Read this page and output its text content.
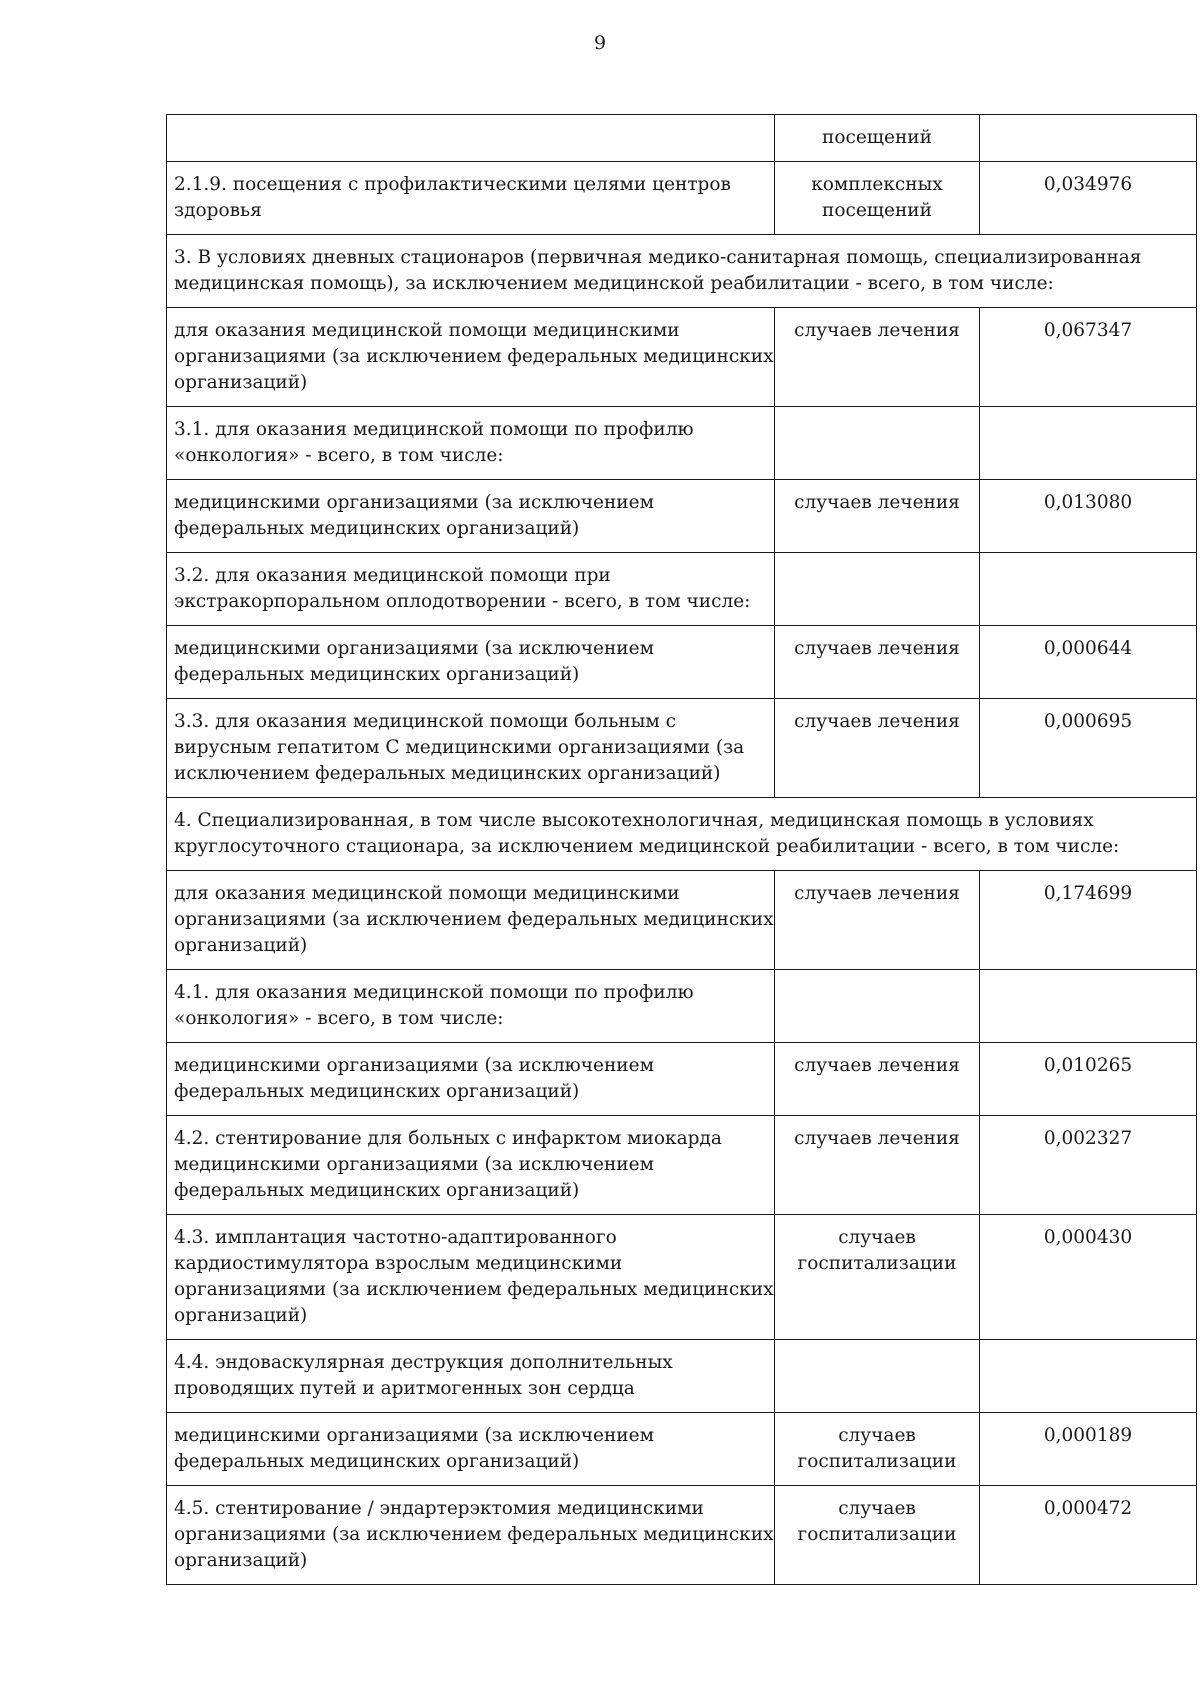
9

	посещений	

2.1.9. посещения с профилактическими целями центров
здоровья	комплексных
посещений	0,034976

3. В условиях дневных стационаров (первичная медико-санитарная помощь, специализированная
медицинская помощь), за исключением медицинской реабилитации - всего, в том числе:		

для оказания медицинской помощи медицинскими
организациями (за исключением федеральных медицинских
организаций)	случаев лечения	0,067347

3.1. для оказания медицинской помощи по профилю
«онкология» - всего, в том числе:		

медицинскими организациями (за исключением
федеральных медицинских организаций)	случаев лечения	0,013080

3.2. для оказания медицинской помощи при
экстракорпоральном оплодотворении - всего, в том числе:		

медицинскими организациями (за исключением
федеральных медицинских организаций)	случаев лечения	0,000644

3.3. для оказания медицинской помощи больным с
вирусным гепатитом С медицинскими организациями (за
исключением федеральных медицинских организаций)	случаев лечения	0,000695

4. Специализированная, в том числе высокотехнологичная, медицинская помощь в условиях
круглосуточного стационара, за исключением медицинской реабилитации - всего, в том числе:		

для оказания медицинской помощи медицинскими
организациями (за исключением федеральных медицинских
организаций)	случаев лечения	0,174699

4.1. для оказания медицинской помощи по профилю
«онкология» - всего, в том числе:		

медицинскими организациями (за исключением
федеральных медицинских организаций)	случаев лечения	0,010265

4.2. стентирование для больных с инфарктом миокарда
медицинскими организациями (за исключением
федеральных медицинских организаций)	случаев лечения	0,002327

4.3. имплантация частотно-адаптированного
кардиостимулятора взрослым медицинскими
организациями (за исключением федеральных медицинских
организаций)	случаев
госпитализации	0,000430

4.4. эндоваскулярная деструкция дополнительных
проводящих путей и аритмогенных зон сердца		

медицинскими организациями (за исключением
федеральных медицинских организаций)	случаев
госпитализации	0,000189

4.5. стентирование / эндартерэктомия медицинскими
организациями (за исключением федеральных медицинских
организаций)	случаев
госпитализации	0,000472
